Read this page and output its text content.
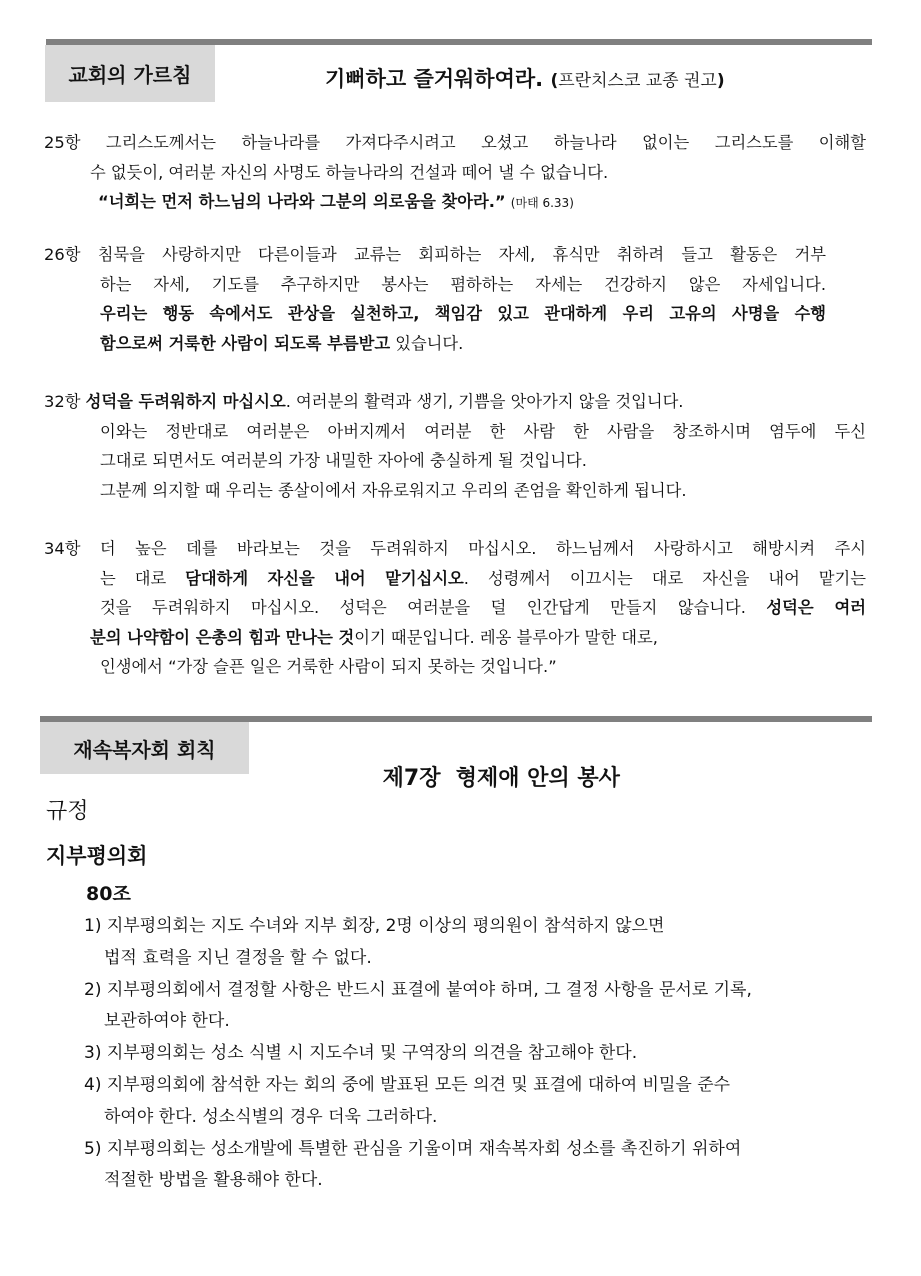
교회의 가르침	기뻐하고 즐거워하여라. (프란치스코 교종 권고)
25항 그리스도께서는 하늘나라를 가져다주시려고 오셨고 하늘나라 없이는 그리스도를 이해할
수 없듯이, 여러분 자신의 사명도 하늘나라의 건설과 떼어 낼 수 없습니다.
“너희는 먼저 하느님의 나라와 그분의 의로움을 찾아라.” (마태 6.33)
26항 침묵을 사랑하지만 다른이들과 교류는 회피하는 자세, 휴식만 취하려 들고 활동은 거부
하는 자세, 기도를 추구하지만 봉사는 폄하하는 자세는 건강하지 않은 자세입니다.
우리는 행동 속에서도 관상을 실천하고, 책임감 있고 관대하게 우리 고유의 사명을 수행
함으로써 거룩한 사람이 되도록 부름받고 있습니다.
32항 성덕을 두려워하지 마십시오. 여러분의 활력과 생기, 기쁨을 앗아가지 않을 것입니다.
이와는 정반대로 여러분은 아버지께서 여러분 한 사람 한 사람을 창조하시며 염두에 두신
그대로 되면서도 여러분의 가장 내밀한 자아에 충실하게 될 것입니다.
그분께 의지할 때 우리는 종살이에서 자유로워지고 우리의 존엄을 확인하게 됩니다.
34항 더 높은 데를 바라보는 것을 두려워하지 마십시오. 하느님께서 사랑하시고 해방시켜 주시
는 대로 담대하게 자신을 내어 맡기십시오. 성령께서 이끄시는 대로 자신을 내어 맡기는
것을 두려워하지 마십시오. 성덕은 여러분을 덜 인간답게 만들지 않습니다. 성덕은 여러
분의 나약함이 은총의 힘과 만나는 것이기 때문입니다. 레옹 블루아가 말한 대로,
인생에서 “가장 슬픈 일은 거룩한 사람이 되지 못하는 것입니다.”
재속복자회 회칙

제7장  형제애 안의 봉사

규정
지부평의회
80조
1) 지부평의회는 지도 수녀와 지부 회장, 2명 이상의 평의원이 참석하지 않으면
법적 효력을 지닌 결정을 할 수 없다.
2) 지부평의회에서 결정할 사항은 반드시 표결에 붙여야 하며, 그 결정 사항을 문서로 기록,
보관하여야 한다.
3) 지부평의회는 성소 식별 시 지도수녀 및 구역장의 의견을 참고해야 한다.
4) 지부평의회에 참석한 자는 회의 중에 발표된 모든 의견 및 표결에 대하여 비밀을 준수
하여야 한다. 성소식별의 경우 더욱 그러하다.
5) 지부평의회는 성소개발에 특별한 관심을 기울이며 재속복자회 성소를 촉진하기 위하여
적절한 방법을 활용해야 한다.
